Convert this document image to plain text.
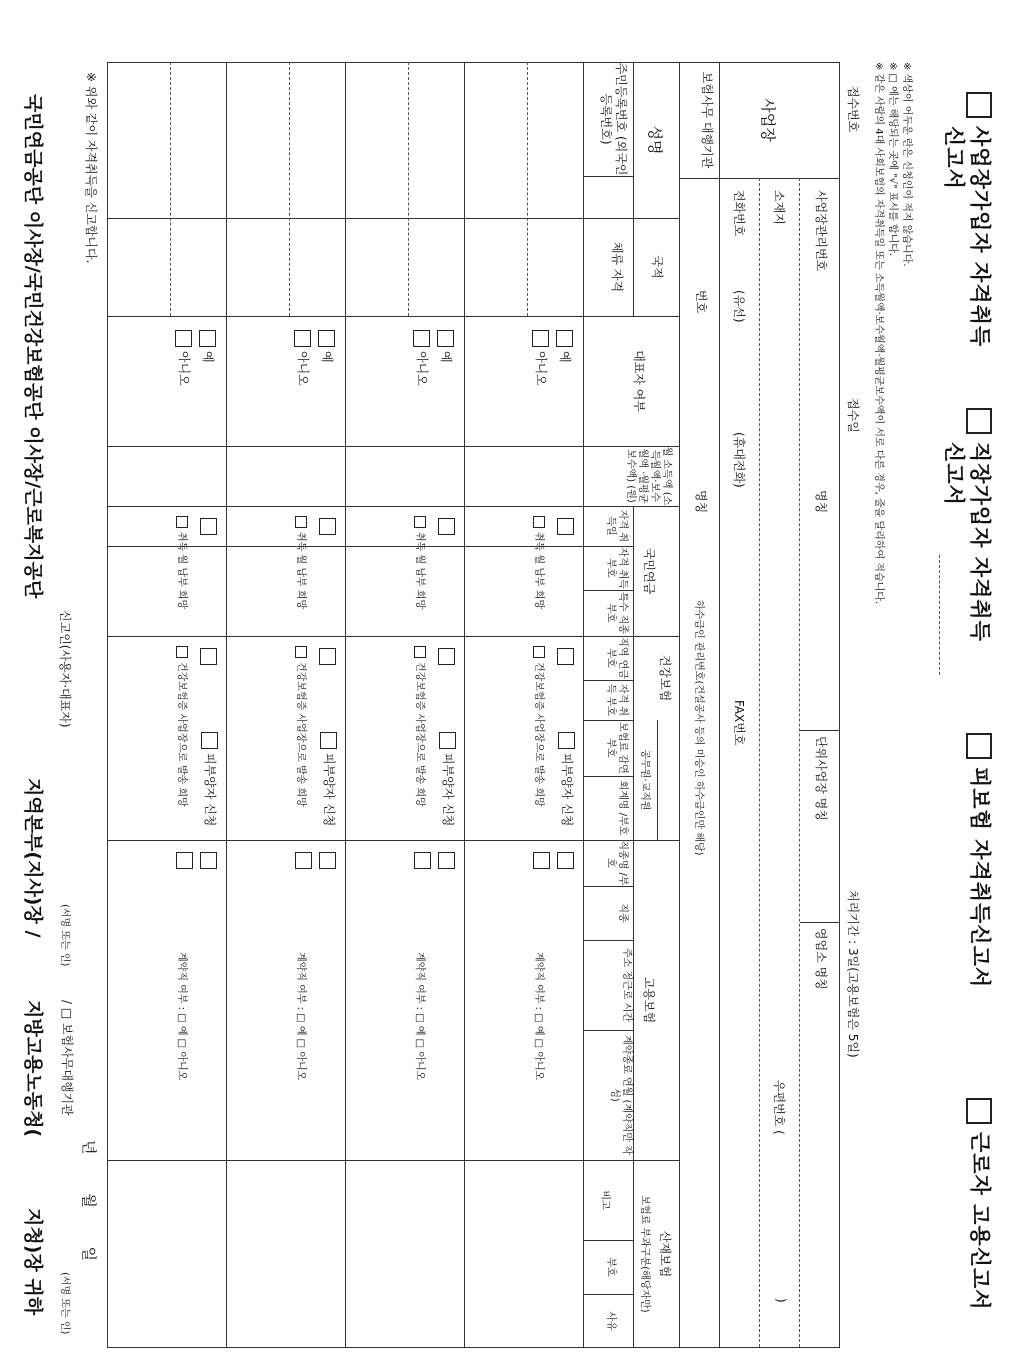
사업장가입자 자격취득
신고서
직장가입자 자격취득
신고서
피보험 자격취득신고서
근로자 고용신고서
※ 색상이 어두운 란은 신청인이 적지 않습니다.
※ □ 에는 해당되는 곳에 "√" 표시를 합니다.
※ 같은 사람의 4대 사회보험의 자격취득일 또는 소득월액·보수월액·월평균보수액이 서로 다른 경우, 줄을 달리하여 적습니다.
접수번호
접수일
처리기간 : 3일(고용보험은 5일)
사업장
사업장관리번호
명칭
단위사업장 명칭
영업소 명칭
소재지
우편번호 (
)
전화번호
(유선)
(휴대전화)
FAX번호
보험사무 대행기관
번호
명칭
하수급인 관리번호(건설공사 등의 미승인 하수급인만 해당)
성명
국적
주민등록번호 (외국인등록번호)
체류 자격
대표자 여부
월 소득액 (소득월액·보수월액 ·월평균보수액) (원)
자격 취득일
국민연금
자격 취득 부호
특수 직종 부호
건강보험
직역 연금 부호
자격 취득 부호
보험료 감면 부호
공무원·교직원
회계명 /부호
고용보험
직종명 /부호
직종
주소 정근로 시간
계약종료 연월 (계약직만 작성)
산재보험
보험료 부과구분(해당자만)
비고
부호
사유
예
아니오
취득 월 납부 희망
피부양자 신청
건강보험증 사업장으로 발송 희망
계약직 여부 : □ 예 □ 아니오
예
아니오
취득 월 납부 희망
피부양자 신청
건강보험증 사업장으로 발송 희망
계약직 여부 : □ 예 □ 아니오
예
아니오
취득 월 납부 희망
피부양자 신청
건강보험증 사업장으로 발송 희망
계약직 여부 : □ 예 □ 아니오
예
아니오
취득 월 납부 희망
피부양자 신청
건강보험증 사업장으로 발송 희망
계약직 여부 : □ 예 □ 아니오
※ 위와 같이 자격취득을 신고합니다.
년 월 일
신고인(사용자·대표자)
(서명 또는 인)
/ □ 보험사무대행기관
(서명 또는 인)
국민연금공단 이사장/국민건강보험공단 이사장/근로복지공단
지역본부(지사)장 /
지방고용노동청(
지청)장 귀하
